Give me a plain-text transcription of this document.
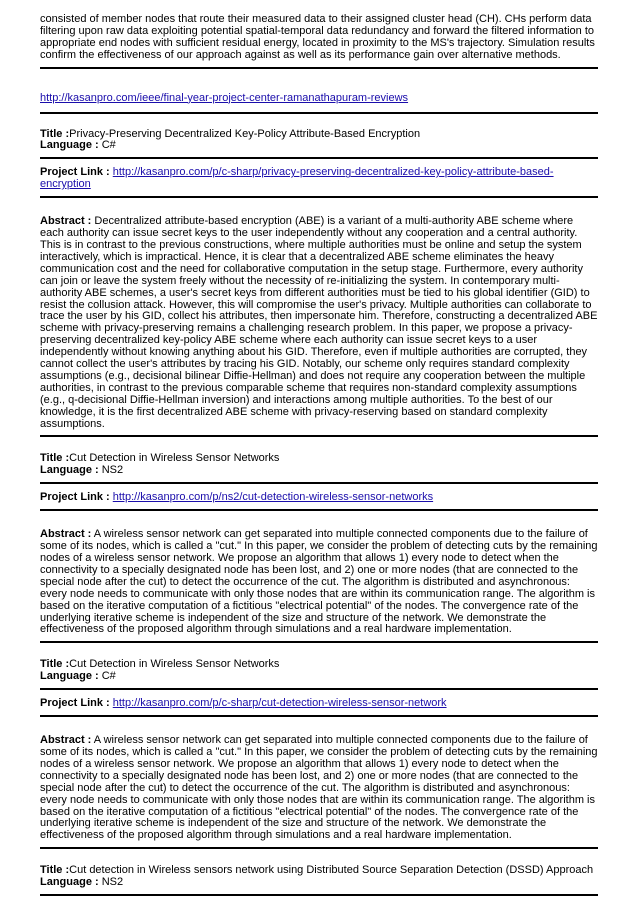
consisted of member nodes that route their measured data to their assigned cluster head (CH). CHs perform data filtering upon raw data exploiting potential spatial-temporal data redundancy and forward the filtered information to appropriate end nodes with sufficient residual energy, located in proximity to the MS's trajectory. Simulation results confirm the effectiveness of our approach against as well as its performance gain over alternative methods.

http://kasanpro.com/ieee/final-year-project-center-ramanathapuram-reviews

Title :Privacy-Preserving Decentralized Key-Policy Attribute-Based Encryption

Language : C#

Project Link : http://kasanpro.com/p/c-sharp/privacy-preserving-decentralized-key-policy-attribute-based-encryption

Abstract : Decentralized attribute-based encryption (ABE) is a variant of a multi-authority ABE scheme where each authority can issue secret keys to the user independently without any cooperation and a central authority. This is in contrast to the previous constructions, where multiple authorities must be online and setup the system interactively, which is impractical. Hence, it is clear that a decentralized ABE scheme eliminates the heavy communication cost and the need for collaborative computation in the setup stage. Furthermore, every authority can join or leave the system freely without the necessity of re-initializing the system. In contemporary multi-authority ABE schemes, a user's secret keys from different authorities must be tied to his global identifier (GID) to resist the collusion attack. However, this will compromise the user's privacy. Multiple authorities can collaborate to trace the user by his GID, collect his attributes, then impersonate him. Therefore, constructing a decentralized ABE scheme with privacy-preserving remains a challenging research problem. In this paper, we propose a privacy-preserving decentralized key-policy ABE scheme where each authority can issue secret keys to a user independently without knowing anything about his GID. Therefore, even if multiple authorities are corrupted, they cannot collect the user's attributes by tracing his GID. Notably, our scheme only requires standard complexity assumptions (e.g., decisional bilinear Diffie-Hellman) and does not require any cooperation between the multiple authorities, in contrast to the previous comparable scheme that requires non-standard complexity assumptions (e.g., q-decisional Diffie-Hellman inversion) and interactions among multiple authorities. To the best of our knowledge, it is the first decentralized ABE scheme with privacy-reserving based on standard complexity assumptions.

Title :Cut Detection in Wireless Sensor Networks

Language : NS2

Project Link : http://kasanpro.com/p/ns2/cut-detection-wireless-sensor-networks

Abstract : A wireless sensor network can get separated into multiple connected components due to the failure of some of its nodes, which is called a "cut." In this paper, we consider the problem of detecting cuts by the remaining nodes of a wireless sensor network. We propose an algorithm that allows 1) every node to detect when the connectivity to a specially designated node has been lost, and 2) one or more nodes (that are connected to the special node after the cut) to detect the occurrence of the cut. The algorithm is distributed and asynchronous: every node needs to communicate with only those nodes that are within its communication range. The algorithm is based on the iterative computation of a fictitious "electrical potential" of the nodes. The convergence rate of the underlying iterative scheme is independent of the size and structure of the network. We demonstrate the effectiveness of the proposed algorithm through simulations and a real hardware implementation.

Title :Cut Detection in Wireless Sensor Networks

Language : C#

Project Link : http://kasanpro.com/p/c-sharp/cut-detection-wireless-sensor-network

Abstract : A wireless sensor network can get separated into multiple connected components due to the failure of some of its nodes, which is called a "cut." In this paper, we consider the problem of detecting cuts by the remaining nodes of a wireless sensor network. We propose an algorithm that allows 1) every node to detect when the connectivity to a specially designated node has been lost, and 2) one or more nodes (that are connected to the special node after the cut) to detect the occurrence of the cut. The algorithm is distributed and asynchronous: every node needs to communicate with only those nodes that are within its communication range. The algorithm is based on the iterative computation of a fictitious "electrical potential" of the nodes. The convergence rate of the underlying iterative scheme is independent of the size and structure of the network. We demonstrate the effectiveness of the proposed algorithm through simulations and a real hardware implementation.

Title :Cut detection in Wireless sensors network using Distributed Source Separation Detection (DSSD) Approach

Language : NS2
